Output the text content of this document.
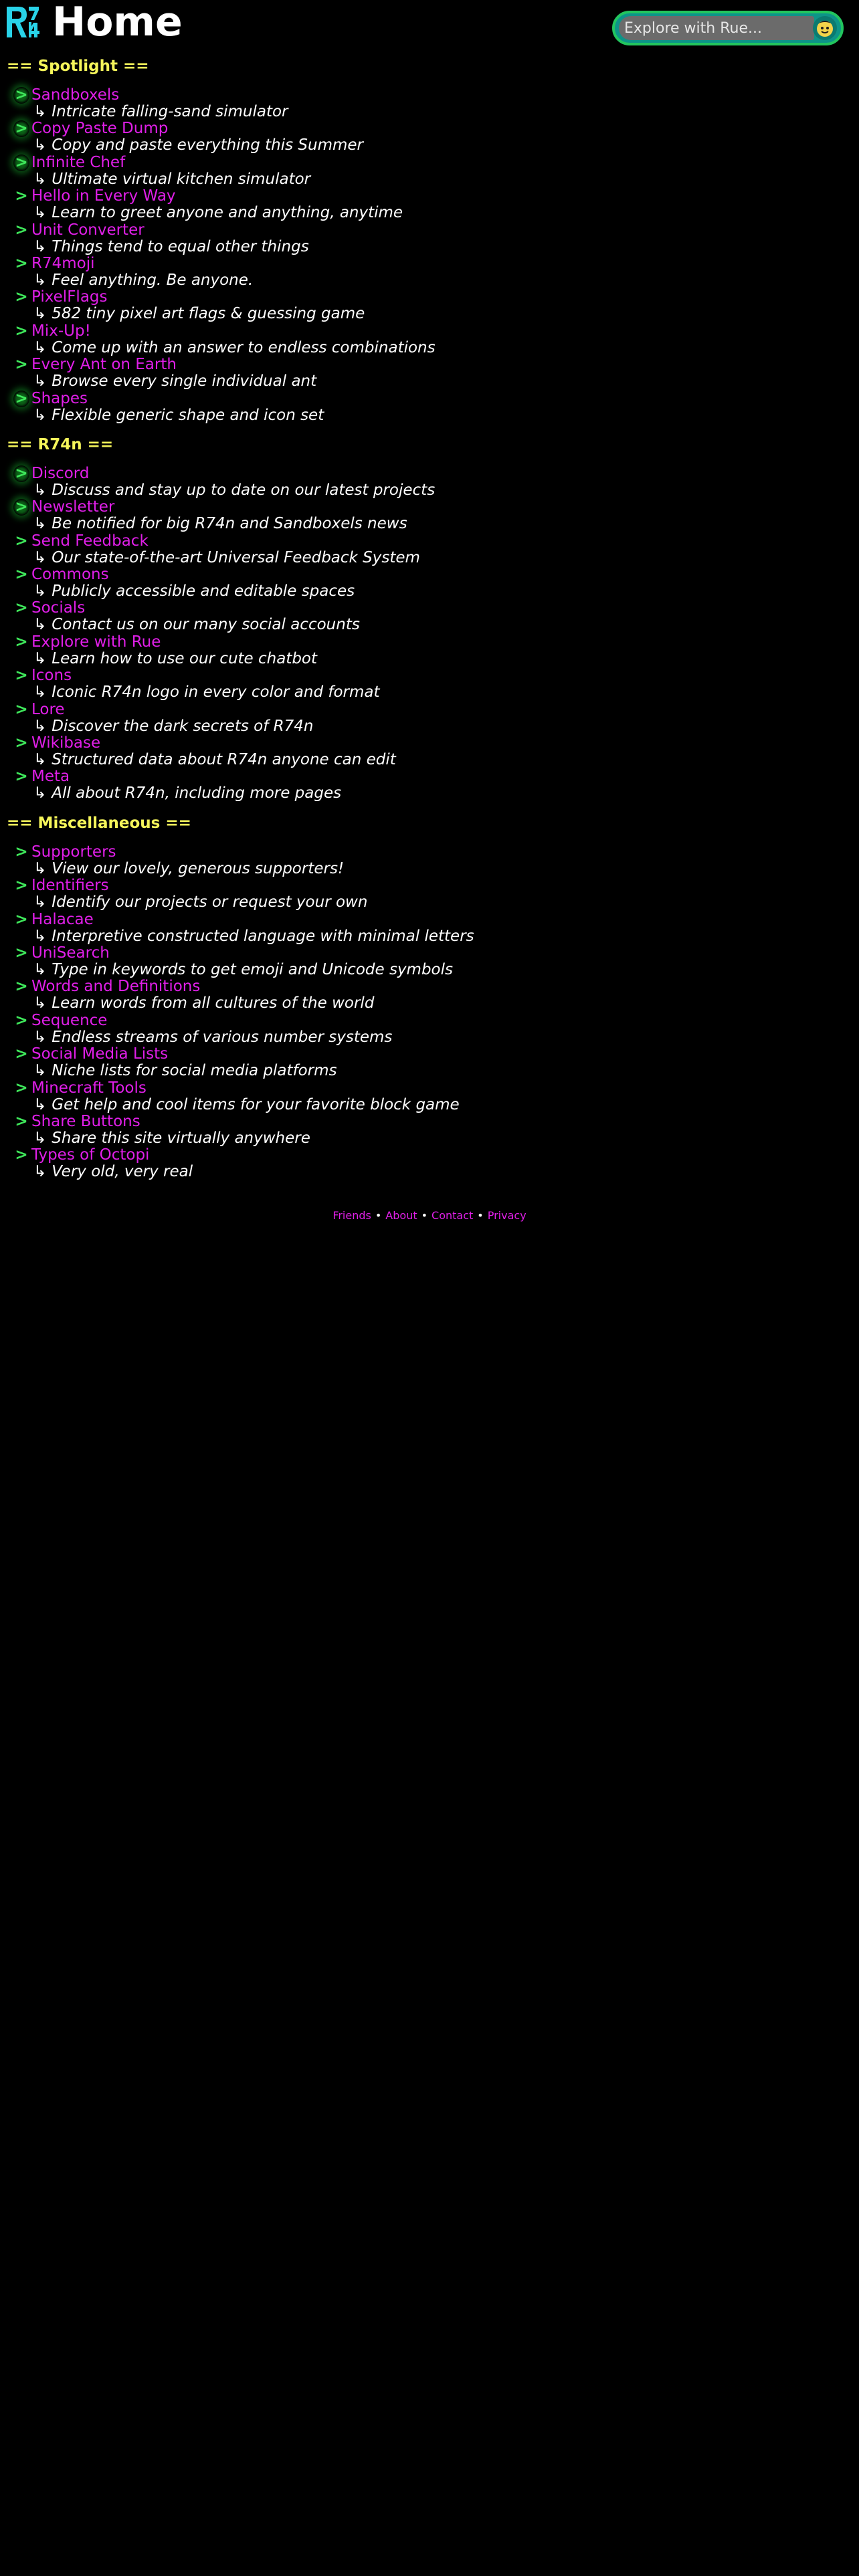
Home
Explore with Rue...
== Spotlight ==
> Sandboxels
↳ Intricate falling-sand simulator
> Copy Paste Dump
↳ Copy and paste everything this Summer
> Infinite Chef
↳ Ultimate virtual kitchen simulator
> Hello in Every Way
↳ Learn to greet anyone and anything, anytime
> Unit Converter
↳ Things tend to equal other things
> R74moji
↳ Feel anything. Be anyone.
> PixelFlags
↳ 582 tiny pixel art flags & guessing game
> Mix-Up!
↳ Come up with an answer to endless combinations
> Every Ant on Earth
↳ Browse every single individual ant
> Shapes
↳ Flexible generic shape and icon set
== R74n ==
> Discord
↳ Discuss and stay up to date on our latest projects
> Newsletter
↳ Be notified for big R74n and Sandboxels news
> Send Feedback
↳ Our state-of-the-art Universal Feedback System
> Commons
↳ Publicly accessible and editable spaces
> Socials
↳ Contact us on our many social accounts
> Explore with Rue
↳ Learn how to use our cute chatbot
> Icons
↳ Iconic R74n logo in every color and format
> Lore
↳ Discover the dark secrets of R74n
> Wikibase
↳ Structured data about R74n anyone can edit
> Meta
↳ All about R74n, including more pages
== Miscellaneous ==
> Supporters
↳ View our lovely, generous supporters!
> Identifiers
↳ Identify our projects or request your own
> Halacae
↳ Interpretive constructed language with minimal letters
> UniSearch
↳ Type in keywords to get emoji and Unicode symbols
> Words and Definitions
↳ Learn words from all cultures of the world
> Sequence
↳ Endless streams of various number systems
> Social Media Lists
↳ Niche lists for social media platforms
> Minecraft Tools
↳ Get help and cool items for your favorite block game
> Share Buttons
↳ Share this site virtually anywhere
> Types of Octopi
↳ Very old, very real
Friends • About • Contact • Privacy
